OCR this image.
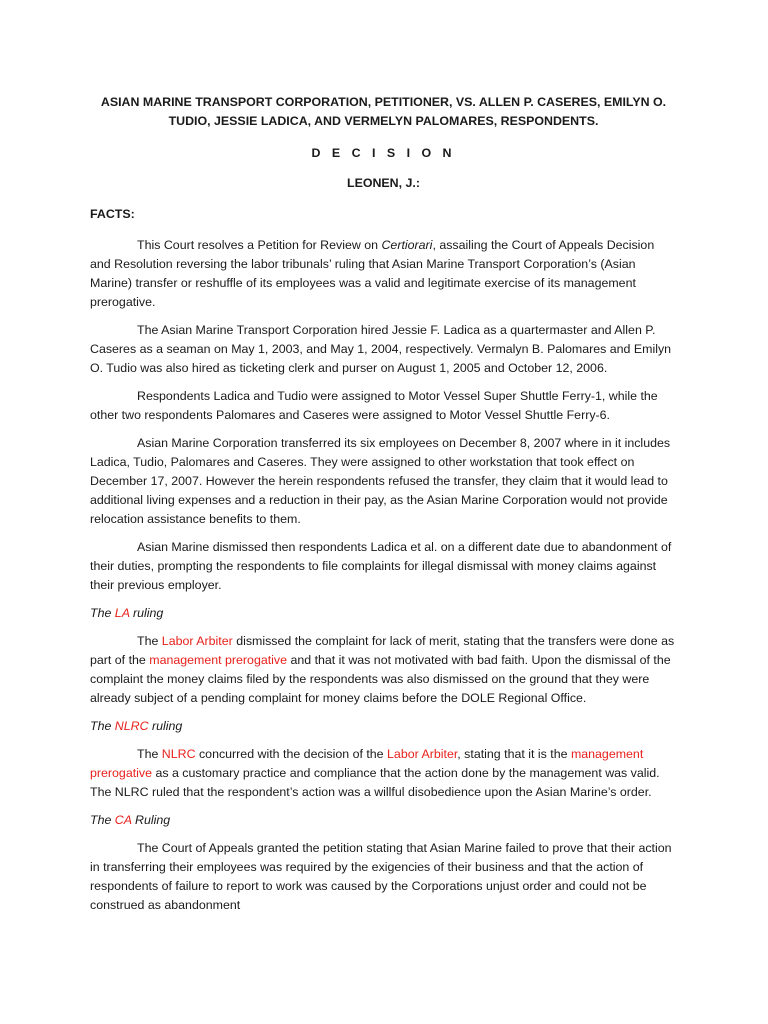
ASIAN MARINE TRANSPORT CORPORATION, PETITIONER, VS. ALLEN P. CASERES, EMILYN O. TUDIO, JESSIE LADICA, AND VERMELYN PALOMARES, RESPONDENTS.

D E C I S I O N
LEONEN, J.:
FACTS:

This Court resolves a Petition for Review on Certiorari, assailing the Court of Appeals Decision and Resolution reversing the labor tribunals’ ruling that Asian Marine Transport Corporation’s (Asian Marine) transfer or reshuffle of its employees was a valid and legitimate exercise of its management prerogative.

The Asian Marine Transport Corporation hired Jessie F. Ladica as a quartermaster and Allen P. Caseres as a seaman on May 1, 2003, and May 1, 2004, respectively. Vermalyn B. Palomares and Emilyn O. Tudio was also hired as ticketing clerk and purser on August 1, 2005 and October 12, 2006.

Respondents Ladica and Tudio were assigned to Motor Vessel Super Shuttle Ferry-1, while the other two respondents Palomares and Caseres were assigned to Motor Vessel Shuttle Ferry-6.

Asian Marine Corporation transferred its six employees on December 8, 2007 where in it includes Ladica, Tudio, Palomares and Caseres. They were assigned to other workstation that took effect on December 17, 2007. However the herein respondents refused the transfer, they claim that it would lead to additional living expenses and a reduction in their pay, as the Asian Marine Corporation would not provide relocation assistance benefits to them.

Asian Marine dismissed then respondents Ladica et al. on a different date due to abandonment of their duties, prompting the respondents to file complaints for illegal dismissal with money claims against their previous employer.

The LA ruling

The Labor Arbiter dismissed the complaint for lack of merit, stating that the transfers were done as part of the management prerogative and that it was not motivated with bad faith. Upon the dismissal of the complaint the money claims filed by the respondents was also dismissed on the ground that they were already subject of a pending complaint for money claims before the DOLE Regional Office.

The NLRC ruling

The NLRC concurred with the decision of the Labor Arbiter, stating that it is the management prerogative as a customary practice and compliance that the action done by the management was valid. The NLRC ruled that the respondent’s action was a willful disobedience upon the Asian Marine’s order.

The CA Ruling

The Court of Appeals granted the petition stating that Asian Marine failed to prove that their action in transferring their employees was required by the exigencies of their business and that the action of respondents of failure to report to work was caused by the Corporations unjust order and could not be construed as abandonment
